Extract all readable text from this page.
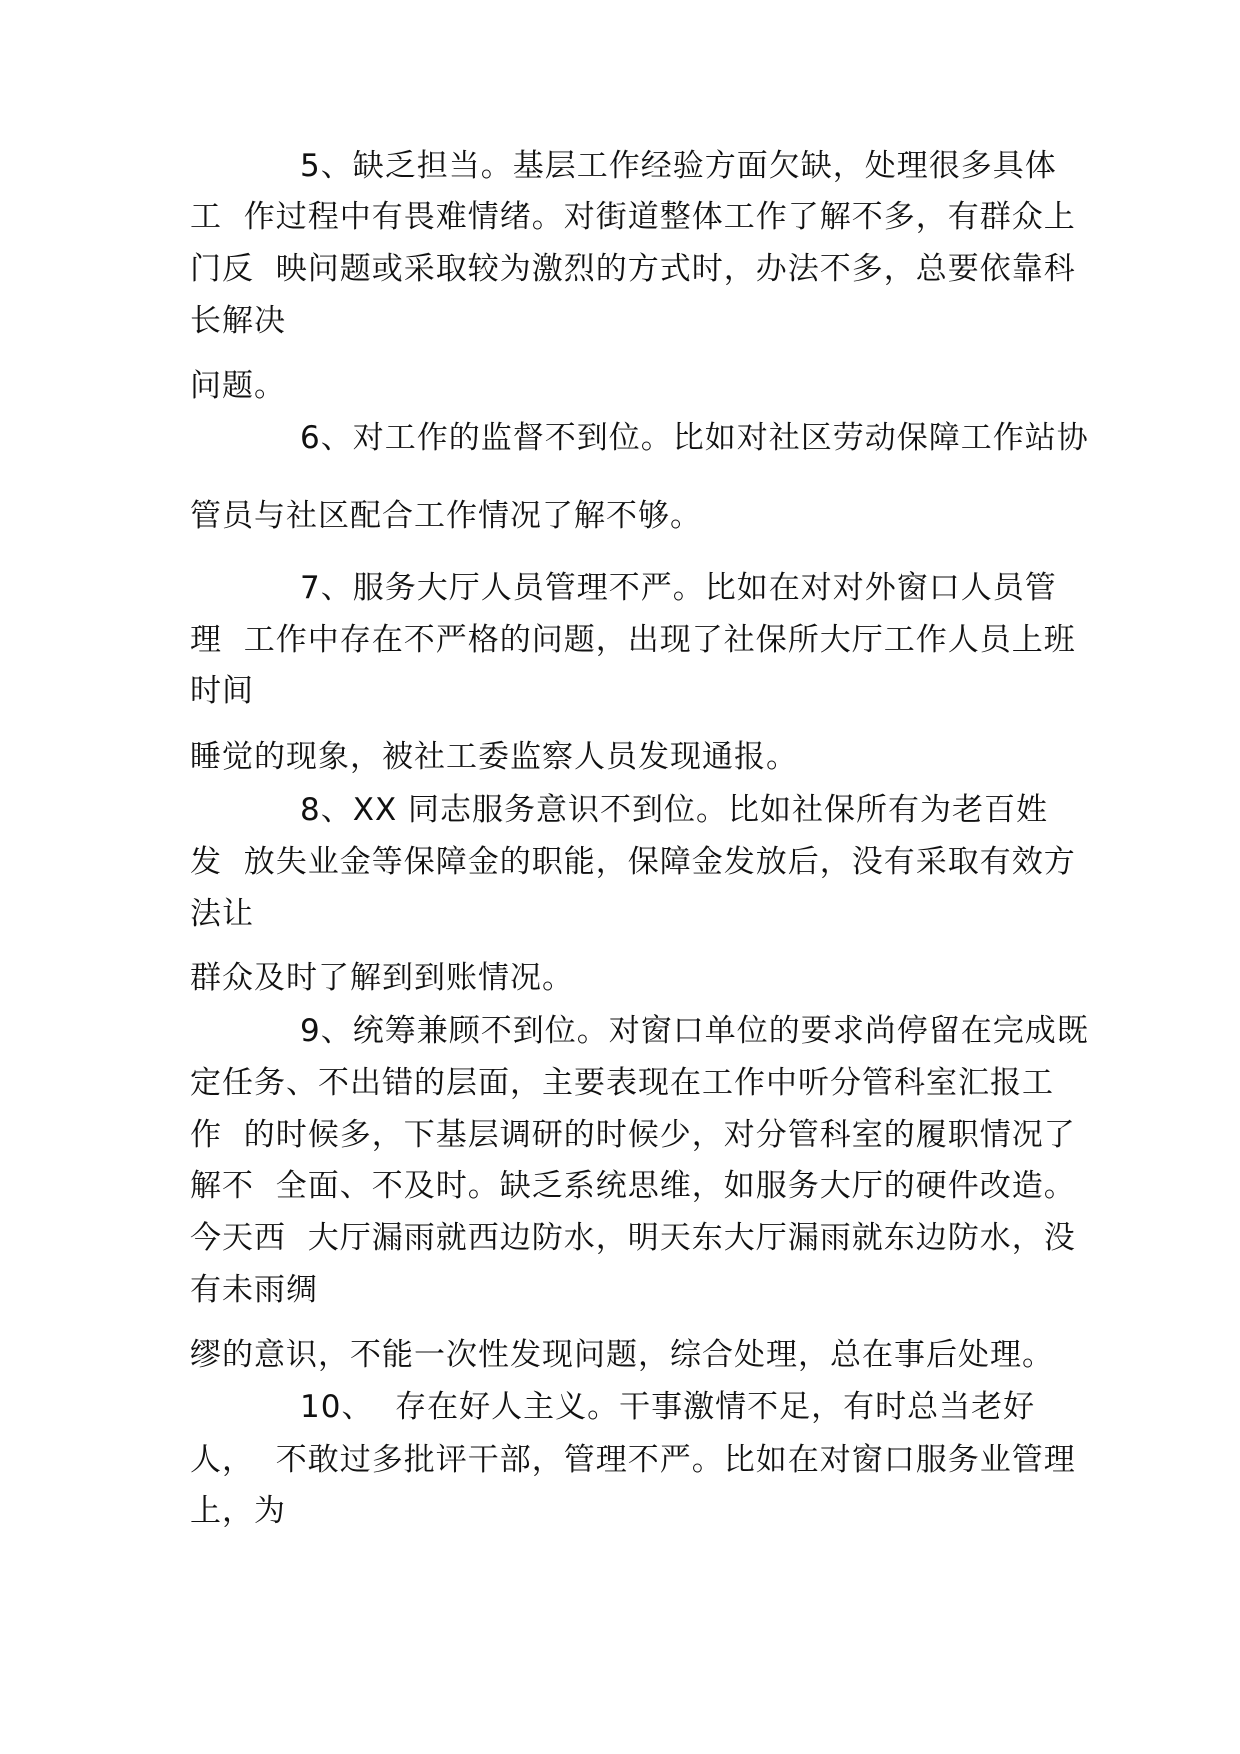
5、缺乏担当。基层工作经验方面欠缺，处理很多具体
工  作过程中有畏难情绪。对街道整体工作了解不多，有群众上
门反  映问题或采取较为激烈的方式时，办法不多，总要依靠科
长解决
问题。
6、对工作的监督不到位。比如对社区劳动保障工作站协
管员与社区配合工作情况了解不够。
7、服务大厅人员管理不严。比如在对对外窗口人员管
理  工作中存在不严格的问题，出现了社保所大厅工作人员上班
时间
睡觉的现象，被社工委监察人员发现通报。
8、XX 同志服务意识不到位。比如社保所有为老百姓
发  放失业金等保障金的职能，保障金发放后，没有采取有效方
法让
群众及时了解到到账情况。
9、统筹兼顾不到位。对窗口单位的要求尚停留在完成既
定任务、不出错的层面，主要表现在工作中听分管科室汇报工
作  的时候多，下基层调研的时候少，对分管科室的履职情况了
解不  全面、不及时。缺乏系统思维，如服务大厅的硬件改造。
今天西  大厅漏雨就西边防水，明天东大厅漏雨就东边防水，没
有未雨绸
缪的意识，不能一次性发现问题，综合处理，总在事后处理。
10、  存在好人主义。干事激情不足，有时总当老好
人，  不敢过多批评干部，管理不严。比如在对窗口服务业管理
上，为
